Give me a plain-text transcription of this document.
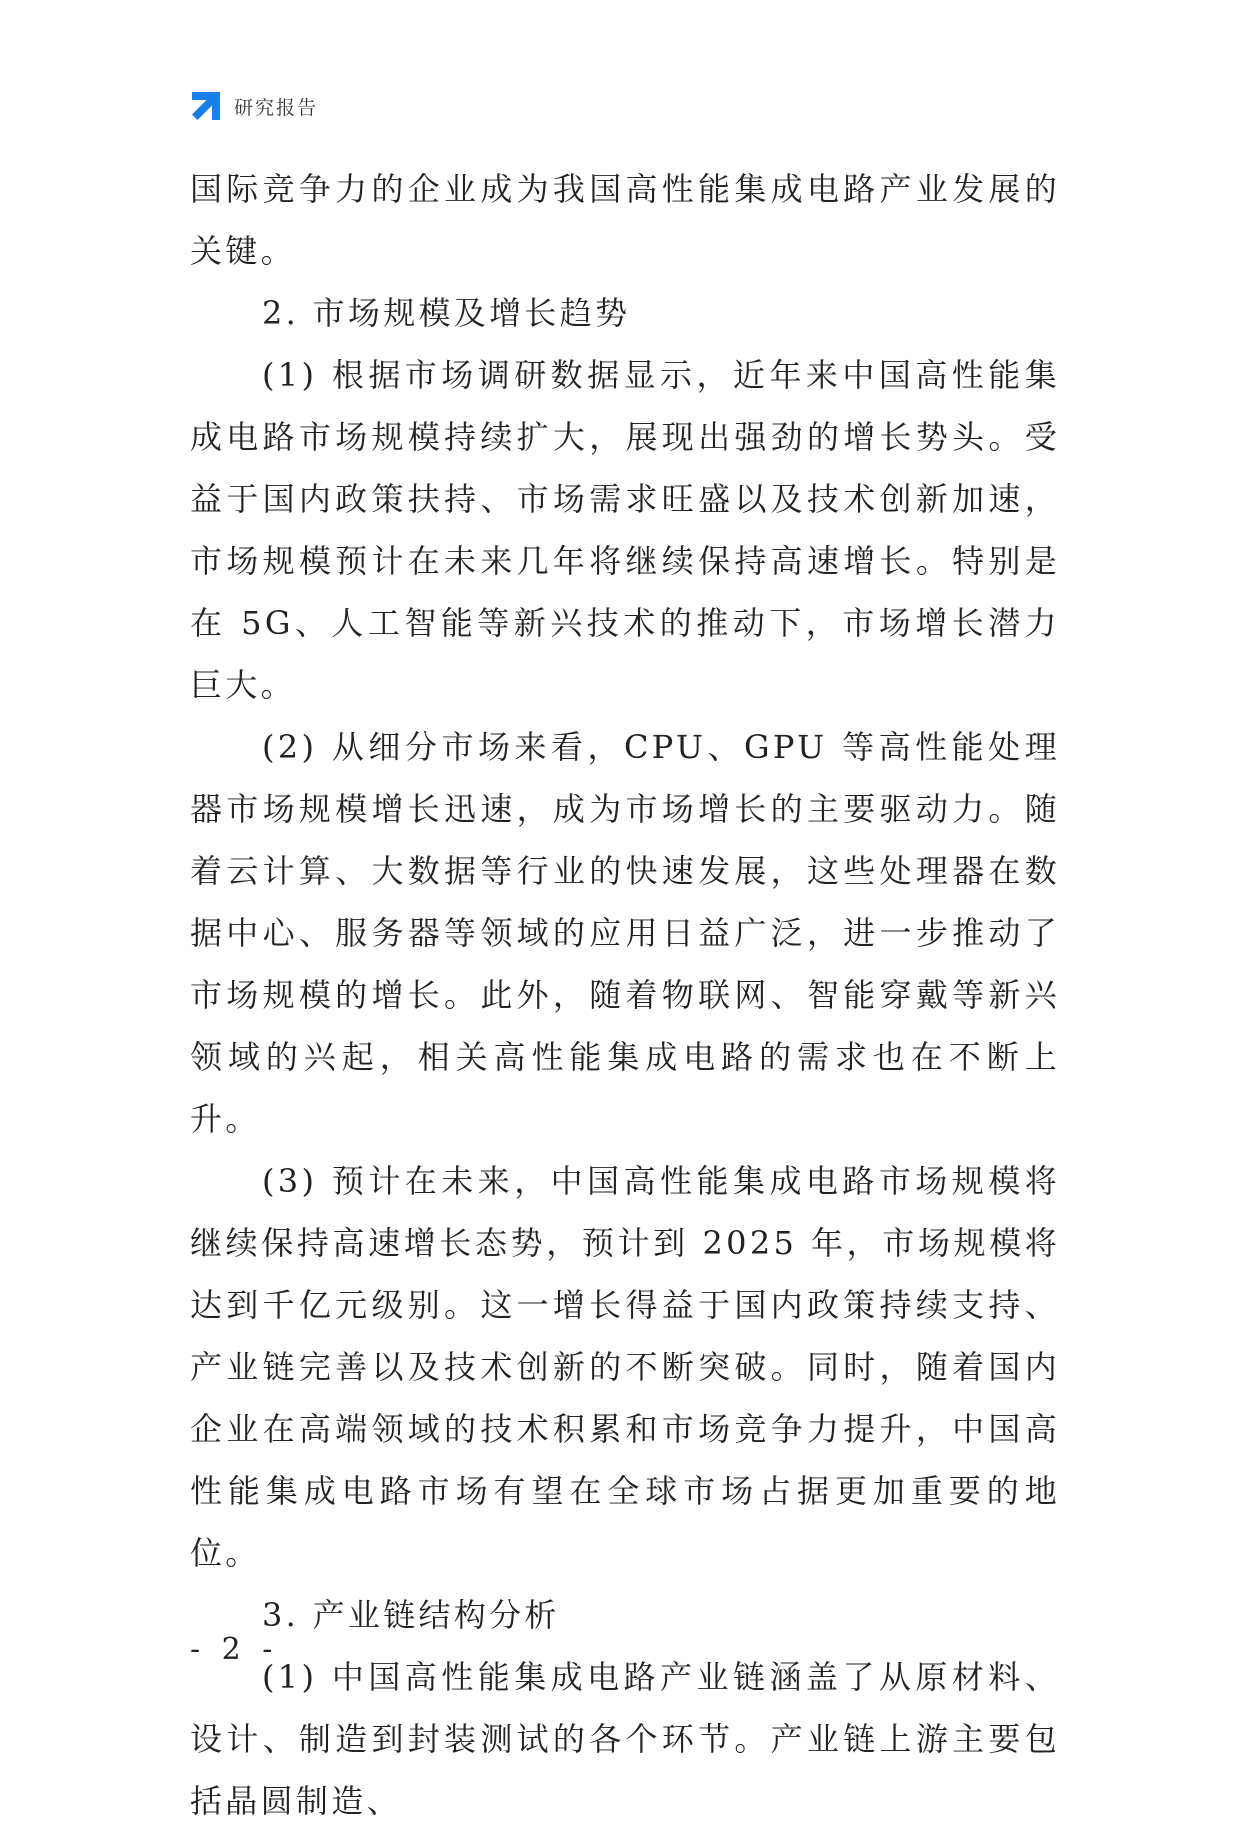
研究报告

国际竞争力的企业成为我国高性能集成电路产业发展的关键。

2. 市场规模及增长趋势

(1) 根据市场调研数据显示，近年来中国高性能集成电路市场规模持续扩大，展现出强劲的增长势头。受益于国内政策扶持、市场需求旺盛以及技术创新加速，市场规模预计在未来几年将继续保持高速增长。特别是在 5G、人工智能等新兴技术的推动下，市场增长潜力巨大。

(2) 从细分市场来看，CPU、GPU 等高性能处理器市场规模增长迅速，成为市场增长的主要驱动力。随着云计算、大数据等行业的快速发展，这些处理器在数据中心、服务器等领域的应用日益广泛，进一步推动了市场规模的增长。此外，随着物联网、智能穿戴等新兴领域的兴起，相关高性能集成电路的需求也在不断上升。

(3) 预计在未来，中国高性能集成电路市场规模将继续保持高速增长态势，预计到 2025 年，市场规模将达到千亿元级别。这一增长得益于国内政策持续支持、产业链完善以及技术创新的不断突破。同时，随着国内企业在高端领域的技术积累和市场竞争力提升，中国高性能集成电路市场有望在全球市场占据更加重要的地位。

3. 产业链结构分析

(1) 中国高性能集成电路产业链涵盖了从原材料、设计、制造到封装测试的各个环节。产业链上游主要包括晶圆制造、

- 2 -
